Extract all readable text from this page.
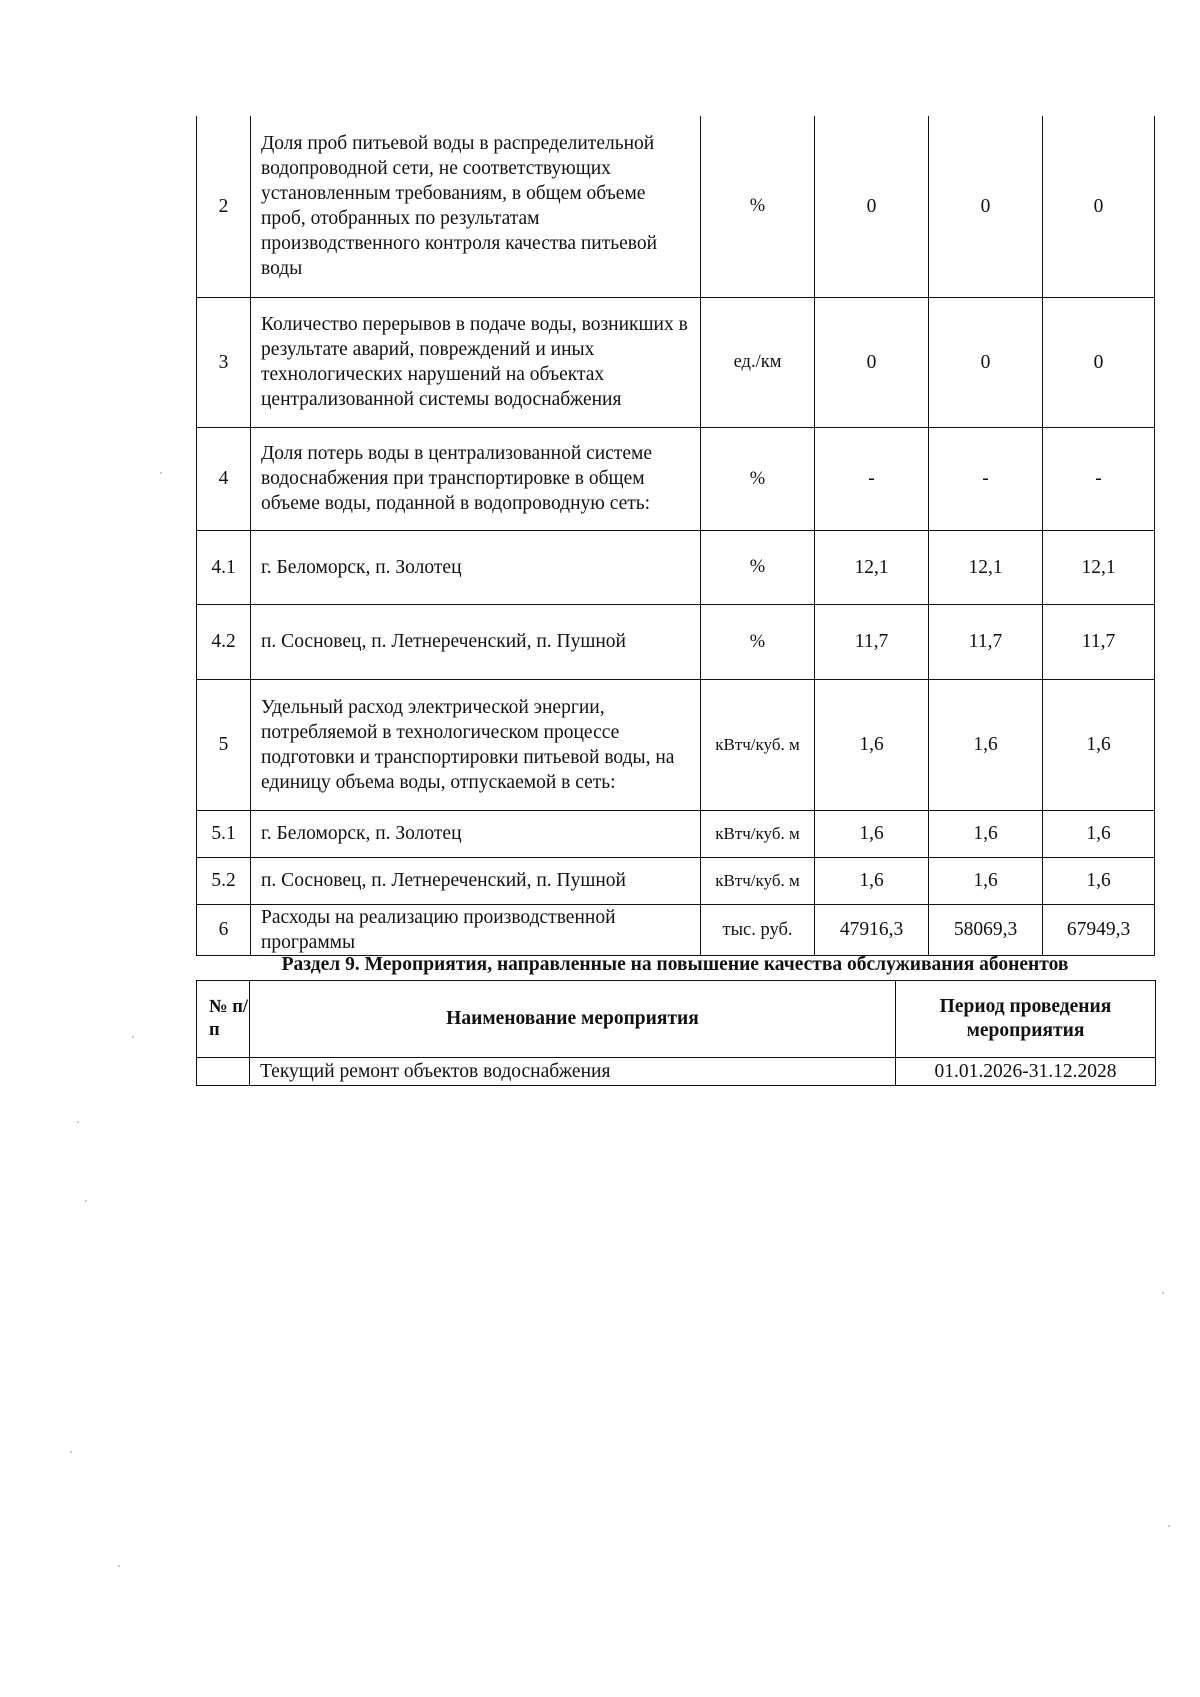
2	Доля проб питьевой воды в распределительной водопроводной сети, не соответствующих установленным требованиям, в общем объеме проб, отобранных по результатам производственного контроля качества питьевой воды	%	0	0	0
3	Количество перерывов в подаче воды, возникших в результате аварий, повреждений и иных технологических нарушений на объектах централизованной системы водоснабжения	ед./км	0	0	0
4	Доля потерь воды в централизованной системе водоснабжения при транспортировке в общем объеме воды, поданной в водопроводную сеть:	%	-	-	-
4.1	г. Беломорск, п. Золотец	%	12,1	12,1	12,1
4.2	п. Сосновец, п. Летнереченский, п. Пушной	%	11,7	11,7	11,7
5	Удельный расход электрической энергии, потребляемой в технологическом процессе подготовки и транспортировки питьевой воды, на единицу объема воды, отпускаемой в сеть:	кВтч/куб. м	1,6	1,6	1,6
5.1	г. Беломорск, п. Золотец	кВтч/куб. м	1,6	1,6	1,6
5.2	п. Сосновец, п. Летнереченский, п. Пушной	кВтч/куб. м	1,6	1,6	1,6
6	Расходы на реализацию производственной программы	тыс. руб.	47916,3	58069,3	67949,3
Раздел 9. Мероприятия, направленные на повышение качества обслуживания абонентов
№ п/ п	Наименование мероприятия	Период проведения мероприятия
	Текущий ремонт объектов водоснабжения	01.01.2026-31.12.2028
